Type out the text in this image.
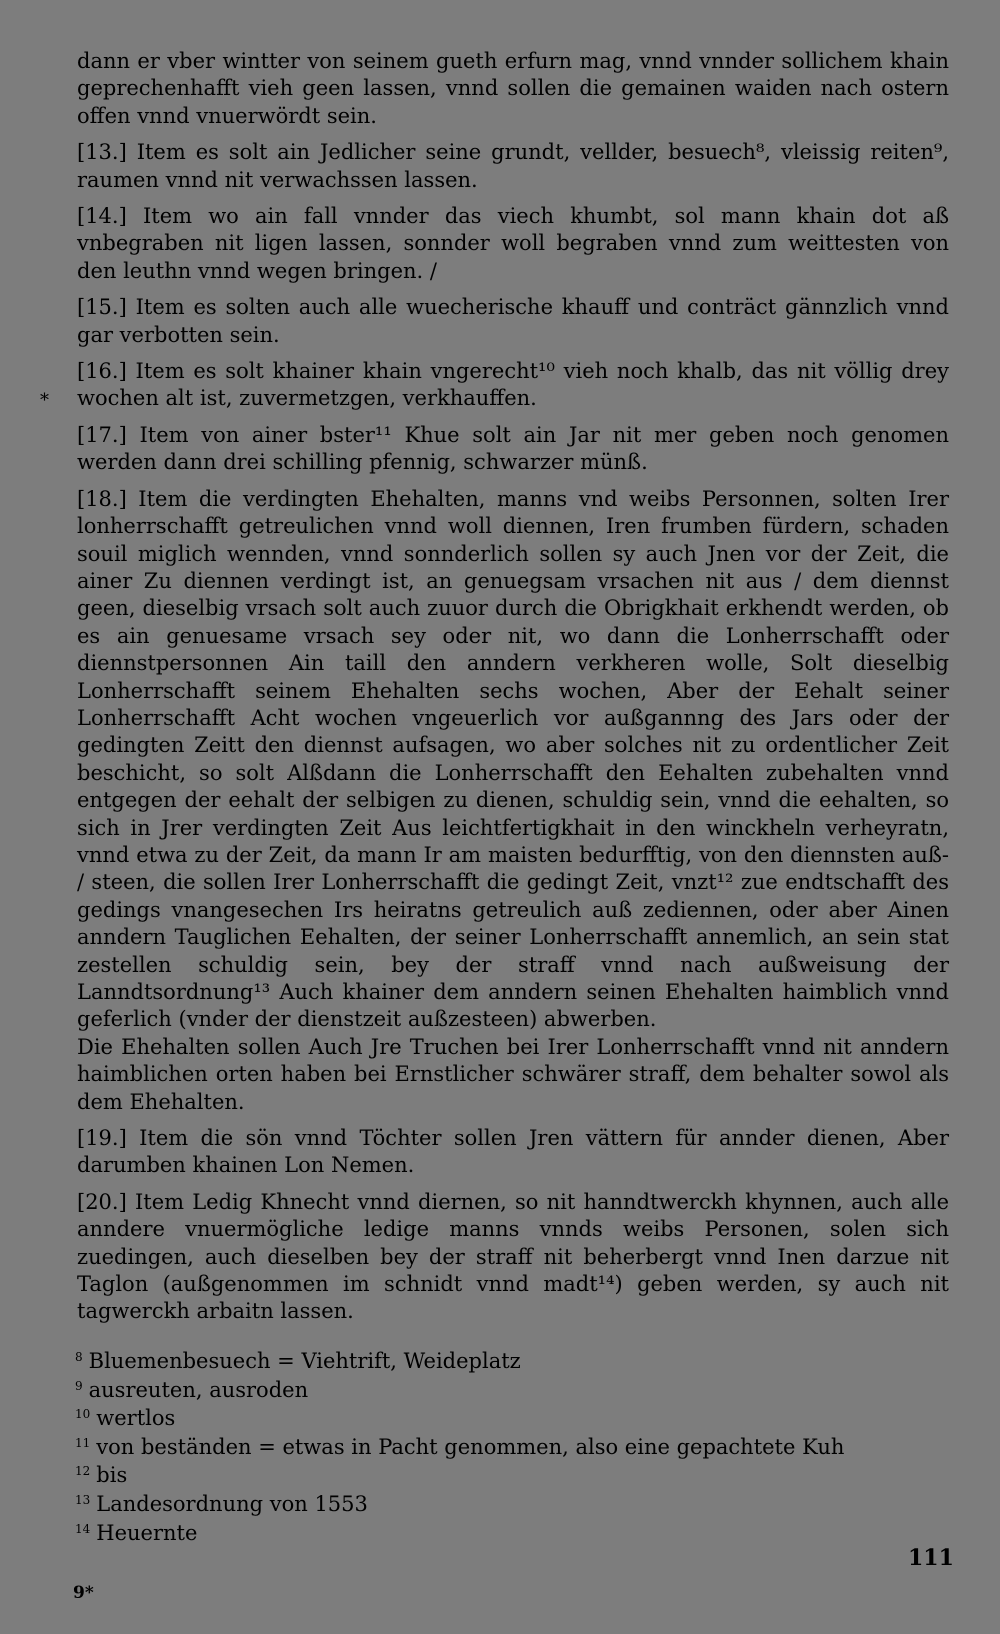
dann er vber wintter von seinem gueth erfurn mag, vnnd vnnder sollichem khain geprechenhafft vieh geen lassen, vnnd sollen die gemainen waiden nach ostern offen vnnd vnuerwördt sein.

[13.] Item es solt ain Jedlicher seine grundt, vellder, besuech⁸, vleissig reiten⁹, raumen vnnd nit verwachssen lassen.

[14.] Item wo ain fall vnnder das viech khumbt, sol mann khain dot aß vnbegraben nit ligen lassen, sonnder woll begraben vnnd zum weittesten von den leuthn vnnd wegen bringen. /

[15.] Item es solten auch alle wuecherische khauff und conträct gännzlich vnnd gar verbotten sein.

[16.] Item es solt khainer khain vngerecht¹⁰ vieh noch khalb, das nit völlig drey wochen alt ist, zuvermetzgen, verkhauffen.

[17.] Item von ainer bster¹¹ Khue solt ain Jar nit mer geben noch genomen werden dann drei schilling pfennig, schwarzer münß.

[18.] Item die verdingten Ehehalten, manns vnd weibs Personnen, solten Irer lonherrschafft getreulichen vnnd woll diennen, Iren frumben fürdern, schaden souil miglich wennden, vnnd sonnderlich sollen sy auch Jnen vor der Zeit, die ainer Zu diennen verdingt ist, an genuegsam vrsachen nit aus / dem diennst geen, dieselbig vrsach solt auch zuuor durch die Obrigkhait erkhendt werden, ob es ain genuesame vrsach sey oder nit, wo dann die Lonherrschafft oder diennstpersonnen Ain taill den anndern verkheren wolle, Solt dieselbig Lonherrschafft seinem Ehehalten sechs wochen, Aber der Eehalt seiner Lonherrschafft Acht wochen vngeuerlich vor außgannng des Jars oder der gedingten Zeitt den diennst aufsagen, wo aber solches nit zu ordentlicher Zeit beschicht, so solt Alßdann die Lonherrschafft den Eehalten zubehalten vnnd entgegen der eehalt der selbigen zu dienen, schuldig sein, vnnd die eehalten, so sich in Jrer verdingten Zeit Aus leichtfertigkhait in den winckheln verheyratn, vnnd etwa zu der Zeit, da mann Ir am maisten bedurfftig, von den diennsten auß- / steen, die sollen Irer Lonherrschafft die gedingt Zeit, vnzt¹² zue endtschafft des gedings vnangesechen Irs heiratns getreulich auß zediennen, oder aber Ainen anndern Tauglichen Eehalten, der seiner Lonherrschafft annemlich, an sein stat zestellen schuldig sein, bey der straff vnnd nach außweisung der Lanndtsordnung¹³ Auch khainer dem anndern seinen Ehehalten haimblich vnnd geferlich (vnder der dienstzeit außzesteen) abwerben.

Die Ehehalten sollen Auch Jre Truchen bei Irer Lonherrschafft vnnd nit anndern haimblichen orten haben bei Ernstlicher schwärer straff, dem behalter sowol als dem Ehehalten.

[19.] Item die sön vnnd Töchter sollen Jren vättern für annder dienen, Aber darumben khainen Lon Nemen.

[20.] Item Ledig Khnecht vnnd diernen, so nit hanndtwerckh khynnen, auch alle anndere vnuermögliche ledige manns vnnds weibs Personen, solen sich zuedingen, auch dieselben bey der straff nit beherbergt vnnd Inen darzue nit Taglon (außgenommen im schnidt vnnd madt¹⁴) geben werden, sy auch nit tagwerckh arbaitn lassen.

*

$^8$ Bluemenbesuech = Viehtrift, Weideplatz

$^9$ ausreuten, ausroden

$^{10}$ wertlos

$^{11}$ von beständen = etwas in Pacht genommen, also eine gepachtete Kuh

$^{12}$ bis

$^{13}$ Landesordnung von 1553

$^{14}$ Heuernte

111
9*
